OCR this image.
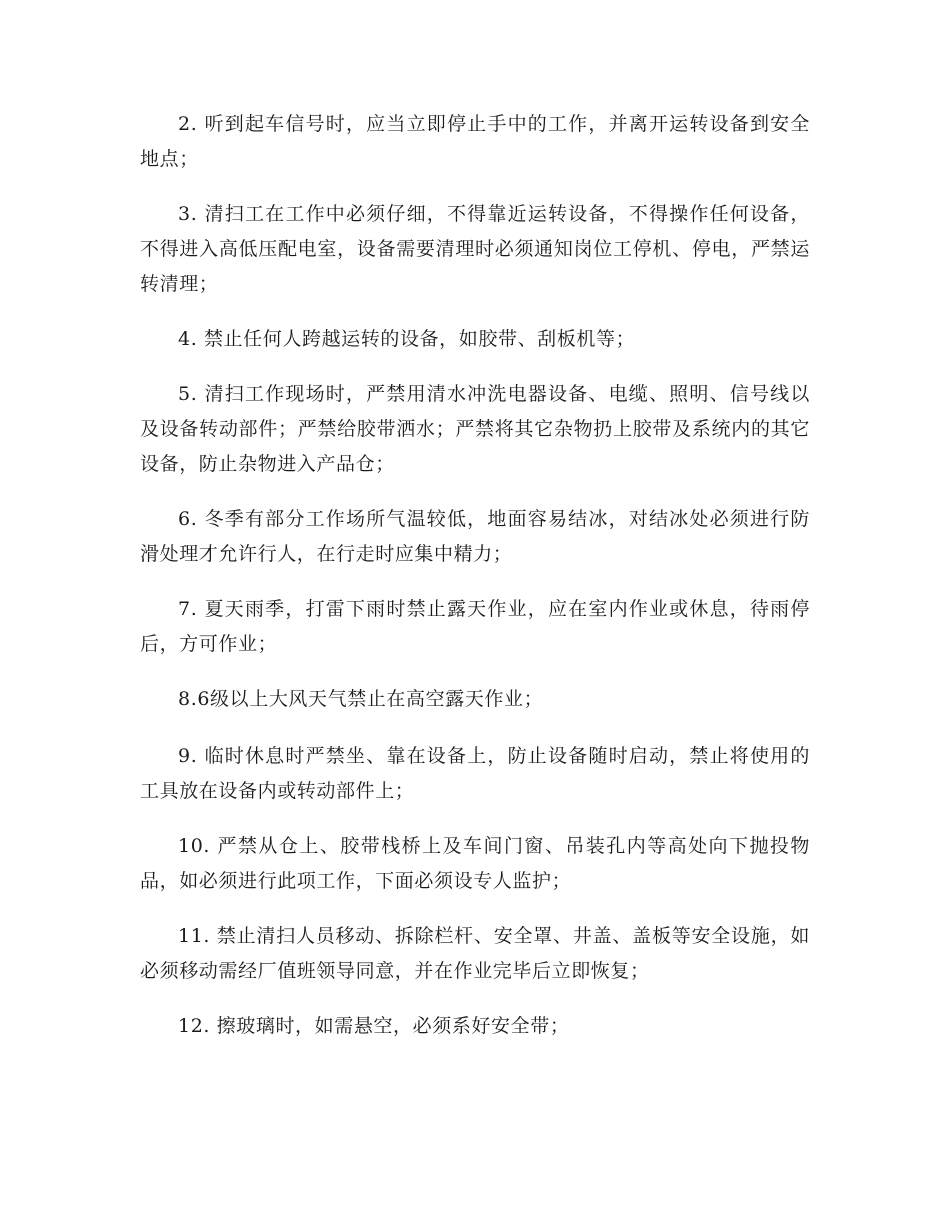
2. 听到起车信号时，应当立即停止手中的工作，并离开运转设备到安全地点；

3. 清扫工在工作中必须仔细，不得靠近运转设备，不得操作任何设备，不得进入高低压配电室，设备需要清理时必须通知岗位工停机、停电，严禁运转清理；

4. 禁止任何人跨越运转的设备，如胶带、刮板机等；

5. 清扫工作现场时，严禁用清水冲洗电器设备、电缆、照明、信号线以及设备转动部件；严禁给胶带洒水；严禁将其它杂物扔上胶带及系统内的其它设备，防止杂物进入产品仓；

6. 冬季有部分工作场所气温较低，地面容易结冰，对结冰处必须进行防滑处理才允许行人，在行走时应集中精力；

7. 夏天雨季，打雷下雨时禁止露天作业，应在室内作业或休息，待雨停后，方可作业；

8.6级以上大风天气禁止在高空露天作业；

9. 临时休息时严禁坐、靠在设备上，防止设备随时启动，禁止将使用的工具放在设备内或转动部件上；

10. 严禁从仓上、胶带栈桥上及车间门窗、吊装孔内等高处向下抛投物品，如必须进行此项工作，下面必须设专人监护；

11. 禁止清扫人员移动、拆除栏杆、安全罩、井盖、盖板等安全设施，如必须移动需经厂值班领导同意，并在作业完毕后立即恢复；

12. 擦玻璃时，如需悬空，必须系好安全带；
